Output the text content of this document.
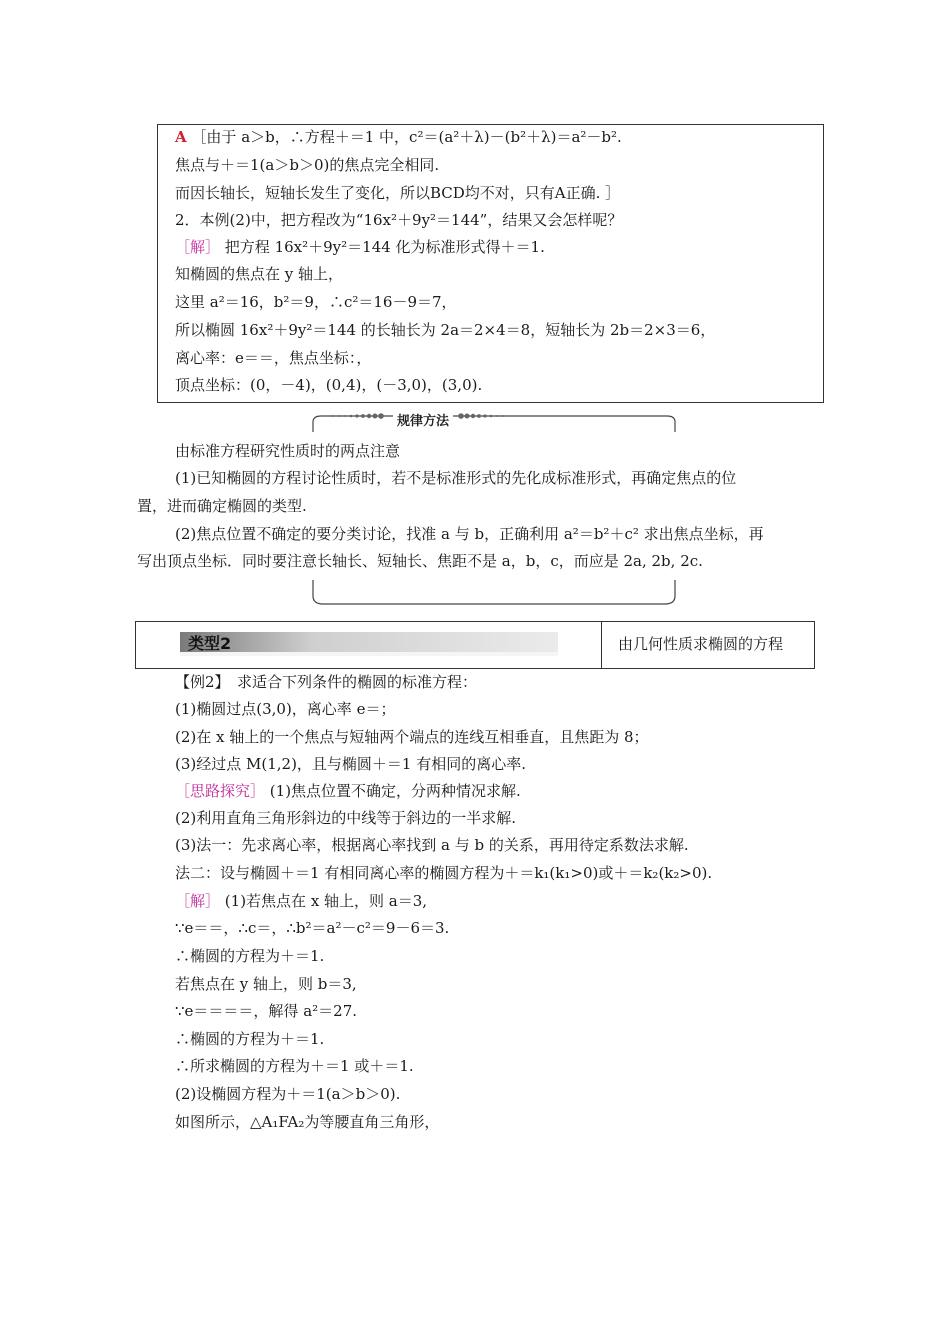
A ［由于 a＞b，∴方程＋＝1 中，c²＝(a²＋λ)－(b²＋λ)＝a²－b².
焦点与＋＝1(a＞b＞0)的焦点完全相同.
而因长轴长，短轴长发生了变化，所以BCD均不对，只有A正确. ］
2．本例(2)中，把方程改为“16x²＋9y²＝144”，结果又会怎样呢？
［解］ 把方程 16x²＋9y²＝144 化为标准形式得＋＝1.
知椭圆的焦点在 y 轴上，
这里 a²＝16，b²＝9，∴c²＝16－9＝7，
所以椭圆 16x²＋9y²＝144 的长轴长为 2a＝2×4＝8，短轴长为 2b＝2×3＝6，
离心率：e＝＝，焦点坐标：，
顶点坐标：(0，－4)，(0,4)，(－3,0)，(3,0).
规律方法
由标准方程研究性质时的两点注意
(1)已知椭圆的方程讨论性质时，若不是标准形式的先化成标准形式，再确定焦点的位
置，进而确定椭圆的类型.
(2)焦点位置不确定的要分类讨论，找准 a 与 b，正确利用 a²＝b²＋c² 求出焦点坐标，再
写出顶点坐标．同时要注意长轴长、短轴长、焦距不是 a，b，c，而应是 2a, 2b, 2c.
类型2	由几何性质求椭圆的方程
【例2】　求适合下列条件的椭圆的标准方程：
(1)椭圆过点(3,0)，离心率 e＝；
(2)在 x 轴上的一个焦点与短轴两个端点的连线互相垂直，且焦距为 8；
(3)经过点 M(1,2)，且与椭圆＋＝1 有相同的离心率.
［思路探究］ (1)焦点位置不确定，分两种情况求解.
(2)利用直角三角形斜边的中线等于斜边的一半求解.
(3)法一：先求离心率，根据离心率找到 a 与 b 的关系，再用待定系数法求解.
法二：设与椭圆＋＝1 有相同离心率的椭圆方程为＋＝k₁(k₁>0)或＋＝k₂(k₂>0).
［解］ (1)若焦点在 x 轴上，则 a＝3,
∵e＝＝，∴c＝，∴b²＝a²－c²＝9－6＝3.
∴椭圆的方程为＋＝1.
若焦点在 y 轴上，则 b＝3,
∵e＝＝＝＝，解得 a²＝27.
∴椭圆的方程为＋＝1.
∴所求椭圆的方程为＋＝1 或＋＝1.
(2)设椭圆方程为＋＝1(a＞b＞0).
如图所示，△A₁FA₂为等腰直角三角形，
